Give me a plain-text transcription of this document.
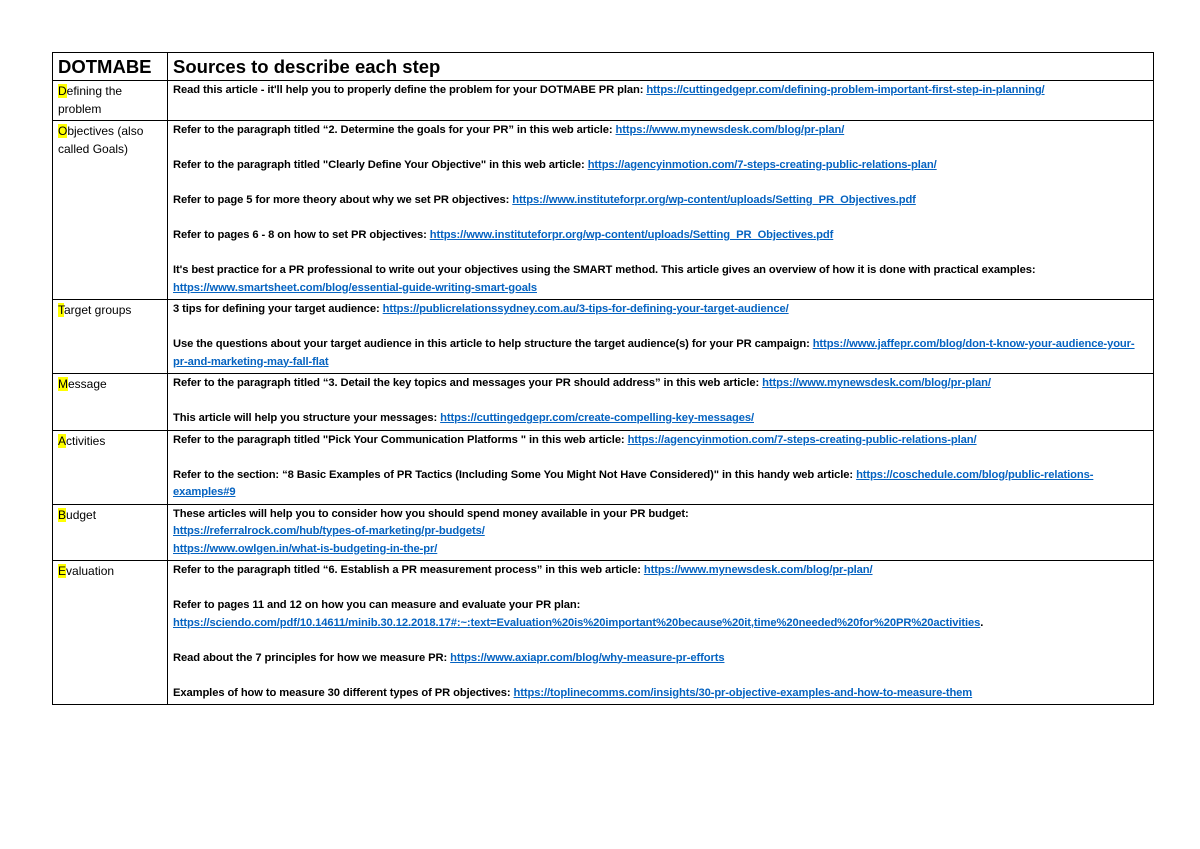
DOTMABE	Sources to describe each step
Defining the problem	Read this article - it'll help you to properly define the problem for your DOTMABE PR plan: https://cuttingedgepr.com/defining-problem-important-first-step-in-planning/

Objectives (also called Goals)	Refer to the paragraph titled “2. Determine the goals for your PR” in this web article: https://www.mynewsdesk.com/blog/pr-plan/

Refer to the paragraph titled "Clearly Define Your Objective" in this web article: https://agencyinmotion.com/7-steps-creating-public-relations-plan/

Refer to page 5 for more theory about why we set PR objectives: https://www.instituteforpr.org/wp-content/uploads/Setting_PR_Objectives.pdf

Refer to pages 6 - 8 on how to set PR objectives: https://www.instituteforpr.org/wp-content/uploads/Setting_PR_Objectives.pdf

It's best practice for a PR professional to write out your objectives using the SMART method. This article gives an overview of how it is done with practical examples: https://www.smartsheet.com/blog/essential-guide-writing-smart-goals

Target groups	3 tips for defining your target audience: https://publicrelationssydney.com.au/3-tips-for-defining-your-target-audience/

Use the questions about your target audience in this article to help structure the target audience(s) for your PR campaign: https://www.jaffepr.com/blog/don-t-know-your-audience-your-pr-and-marketing-may-fall-flat

Message	Refer to the paragraph titled “3. Detail the key topics and messages your PR should address” in this web article: https://www.mynewsdesk.com/blog/pr-plan/

This article will help you structure your messages: https://cuttingedgepr.com/create-compelling-key-messages/

Activities	Refer to the paragraph titled "Pick Your Communication Platforms " in this web article: https://agencyinmotion.com/7-steps-creating-public-relations-plan/

Refer to the section: “8 Basic Examples of PR Tactics (Including Some You Might Not Have Considered)" in this handy web article: https://coschedule.com/blog/public-relations-examples#9

Budget	These articles will help you to consider how you should spend money available in your PR budget:
https://referralrock.com/hub/types-of-marketing/pr-budgets/
https://www.owlgen.in/what-is-budgeting-in-the-pr/

Evaluation	Refer to the paragraph titled “6. Establish a PR measurement process” in this web article: https://www.mynewsdesk.com/blog/pr-plan/

Refer to pages 11 and 12 on how you can measure and evaluate your PR plan:
https://sciendo.com/pdf/10.14611/minib.30.12.2018.17#:~:text=Evaluation%20is%20important%20because%20it,time%20needed%20for%20PR%20activities.

Read about the 7 principles for how we measure PR: https://www.axiapr.com/blog/why-measure-pr-efforts

Examples of how to measure 30 different types of PR objectives: https://toplinecomms.com/insights/30-pr-objective-examples-and-how-to-measure-them
